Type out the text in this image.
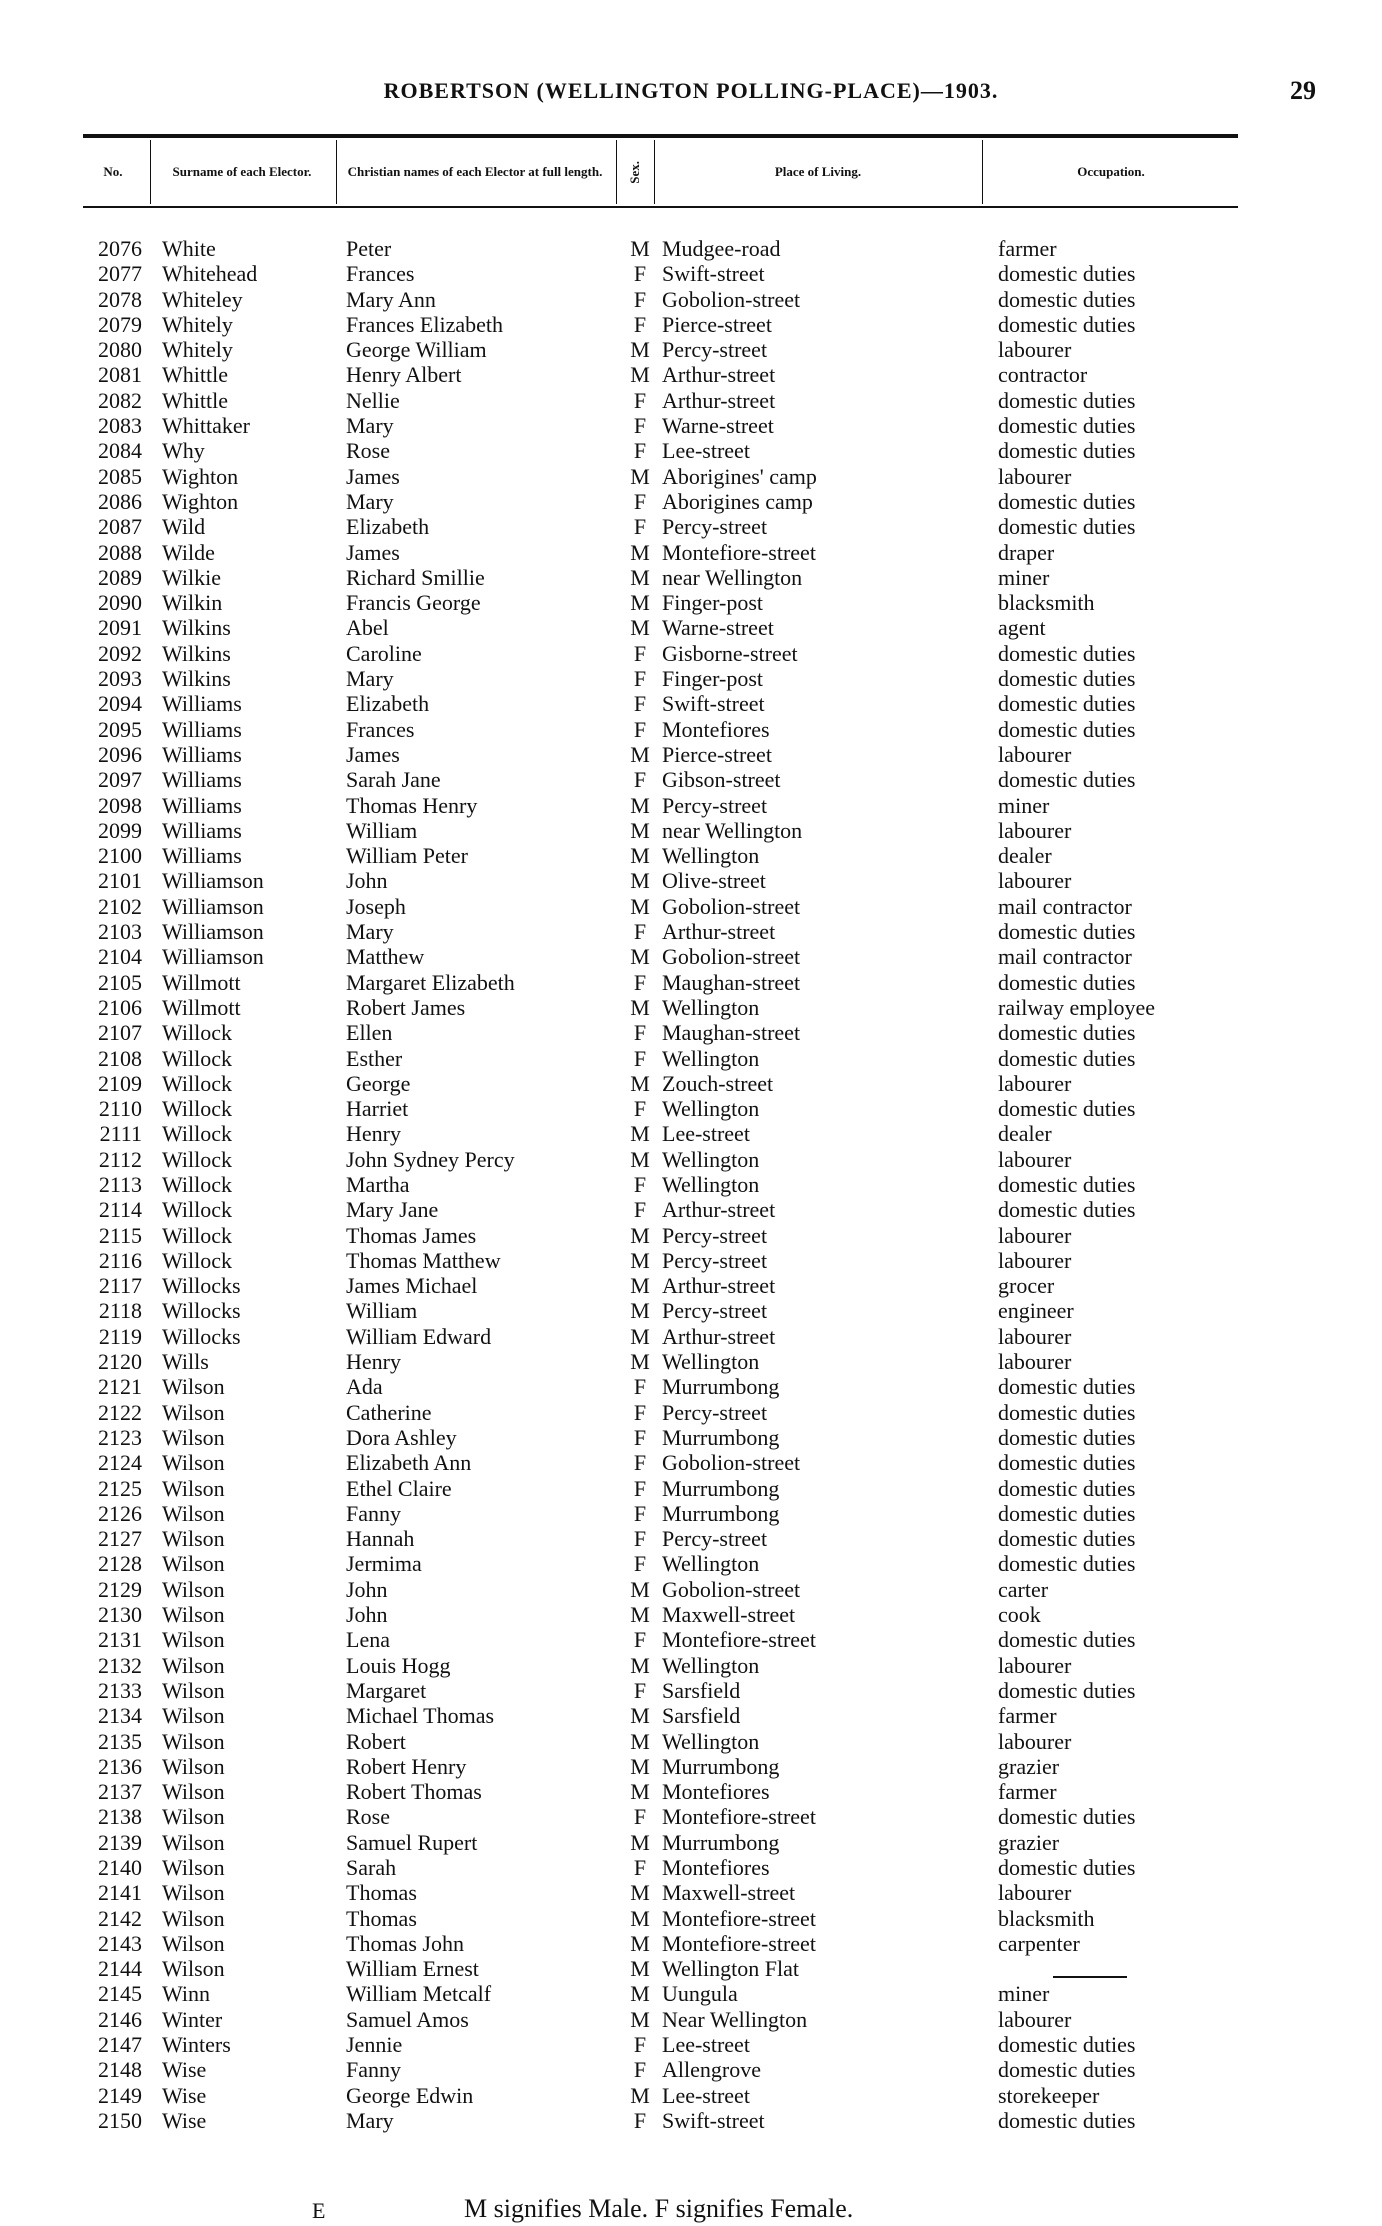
ROBERTSON (WELLINGTON POLLING-PLACE)—1903.	29
No.	Surname of each Elector.	Christian names of each Elector at full length.	Sex.	Place of Living.	Occupation.
2076 White	Peter	M Mudgee-road	farmer
2077 Whitehead	Frances	F Swift-street	domestic duties
2078 Whiteley	Mary Ann	F Gobolion-street	domestic duties
2079 Whitely	Frances Elizabeth	F Pierce-street	domestic duties
2080 Whitely	George William	M Percy-street	labourer
2081 Whittle	Henry Albert	M Arthur-street	contractor
2082 Whittle	Nellie	F Arthur-street	domestic duties
2083 Whittaker	Mary	F Warne-street	domestic duties
2084 Why	Rose	F Lee-street	domestic duties
2085 Wighton	James	M Aborigines' camp	labourer
2086 Wighton	Mary	F Aborigines camp	domestic duties
2087 Wild	Elizabeth	F Percy-street	domestic duties
2088 Wilde	James	M Montefiore-street	draper
2089 Wilkie	Richard Smillie	M near Wellington	miner
2090 Wilkin	Francis George	M Finger-post	blacksmith
2091 Wilkins	Abel	M Warne-street	agent
2092 Wilkins	Caroline	F Gisborne-street	domestic duties
2093 Wilkins	Mary	F Finger-post	domestic duties
2094 Williams	Elizabeth	F Swift-street	domestic duties
2095 Williams	Frances	F Montefiores	domestic duties
2096 Williams	James	M Pierce-street	labourer
2097 Williams	Sarah Jane	F Gibson-street	domestic duties
2098 Williams	Thomas Henry	M Percy-street	miner
2099 Williams	William	M near Wellington	labourer
2100 Williams	William Peter	M Wellington	dealer
2101 Williamson	John	M Olive-street	labourer
2102 Williamson	Joseph	M Gobolion-street	mail contractor
2103 Williamson	Mary	F Arthur-street	domestic duties
2104 Williamson	Matthew	M Gobolion-street	mail contractor
2105 Willmott	Margaret Elizabeth	F Maughan-street	domestic duties
2106 Willmott	Robert James	M Wellington	railway employee
2107 Willock	Ellen	F Maughan-street	domestic duties
2108 Willock	Esther	F Wellington	domestic duties
2109 Willock	George	M Zouch-street	labourer
2110 Willock	Harriet	F Wellington	domestic duties
2111 Willock	Henry	M Lee-street	dealer
2112 Willock	John Sydney Percy	M Wellington	labourer
2113 Willock	Martha	F Wellington	domestic duties
2114 Willock	Mary Jane	F Arthur-street	domestic duties
2115 Willock	Thomas James	M Percy-street	labourer
2116 Willock	Thomas Matthew	M Percy-street	labourer
2117 Willocks	James Michael	M Arthur-street	grocer
2118 Willocks	William	M Percy-street	engineer
2119 Willocks	William Edward	M Arthur-street	labourer
2120 Wills	Henry	M Wellington	labourer
2121 Wilson	Ada	F Murrumbong	domestic duties
2122 Wilson	Catherine	F Percy-street	domestic duties
2123 Wilson	Dora Ashley	F Murrumbong	domestic duties
2124 Wilson	Elizabeth Ann	F Gobolion-street	domestic duties
2125 Wilson	Ethel Claire	F Murrumbong	domestic duties
2126 Wilson	Fanny	F Murrumbong	domestic duties
2127 Wilson	Hannah	F Percy-street	domestic duties
2128 Wilson	Jermima	F Wellington	domestic duties
2129 Wilson	John	M Gobolion-street	carter
2130 Wilson	John	M Maxwell-street	cook
2131 Wilson	Lena	F Montefiore-street	domestic duties
2132 Wilson	Louis Hogg	M Wellington	labourer
2133 Wilson	Margaret	F Sarsfield	domestic duties
2134 Wilson	Michael Thomas	M Sarsfield	farmer
2135 Wilson	Robert	M Wellington	labourer
2136 Wilson	Robert Henry	M Murrumbong	grazier
2137 Wilson	Robert Thomas	M Montefiores	farmer
2138 Wilson	Rose	F Montefiore-street	domestic duties
2139 Wilson	Samuel Rupert	M Murrumbong	grazier
2140 Wilson	Sarah	F Montefiores	domestic duties
2141 Wilson	Thomas	M Maxwell-street	labourer
2142 Wilson	Thomas	M Montefiore-street	blacksmith
2143 Wilson	Thomas John	M Montefiore-street	carpenter
2144 Wilson	William Ernest	M Wellington Flat
2145 Winn	William Metcalf	M Uungula	miner
2146 Winter	Samuel Amos	M Near Wellington	labourer
2147 Winters	Jennie	F Lee-street	domestic duties
2148 Wise	Fanny	F Allengrove	domestic duties
2149 Wise	George Edwin	M Lee-street	storekeeper
2150 Wise	Mary	F Swift-street	domestic duties
E	M signifies Male. F signifies Female.
